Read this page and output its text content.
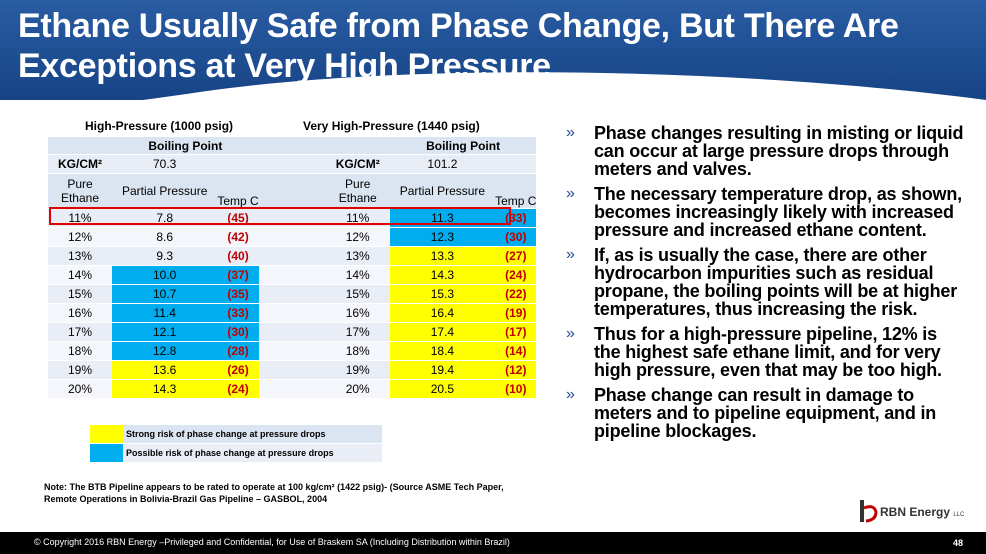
Ethane Usually Safe from Phase Change, But There Are Exceptions at Very High Pressure
High-Pressure (1000 psig)	Very High-Pressure (1440 psig)
	Boiling Point				Boiling Point	
KG/CM²	70.3			KG/CM²	101.2	
Pure Ethane	Partial Pressure	Temp C		Pure Ethane	Partial Pressure	Temp C
11%	7.8	(45)		11%	11.3	(33)
12%	8.6	(42)		12%	12.3	(30)
13%	9.3	(40)		13%	13.3	(27)
14%	10.0	(37)		14%	14.3	(24)
15%	10.7	(35)		15%	15.3	(22)
16%	11.4	(33)		16%	16.4	(19)
17%	12.1	(30)		17%	17.4	(17)
18%	12.8	(28)		18%	18.4	(14)
19%	13.6	(26)		19%	19.4	(12)
20%	14.3	(24)		20%	20.5	(10)
Strong risk of phase change at pressure drops
Possible risk of phase change at pressure drops
Note: The BTB Pipeline appears to be rated to operate at 100 kg/cm² (1422 psig)- (Source ASME Tech Paper, Remote Operations in Bolivia-Brazil Gas Pipeline – GASBOL, 2004
» Phase changes resulting in misting or liquid can occur at large pressure drops through meters and valves.
» The necessary temperature drop, as shown, becomes increasingly likely with increased pressure and increased ethane content.
» If, as is usually the case, there are other hydrocarbon impurities such as residual propane, the boiling points will be at higher temperatures, thus increasing the risk.
» Thus for a high-pressure pipeline, 12% is the highest safe ethane limit, and for very high pressure, even that may be too high.
» Phase change can result in damage to meters and to pipeline equipment, and in pipeline blockages.
RBN Energy LLC
© Copyright 2016 RBN Energy –Privileged and Confidential, for Use of Braskem SA (Including Distribution within Brazil)	48
